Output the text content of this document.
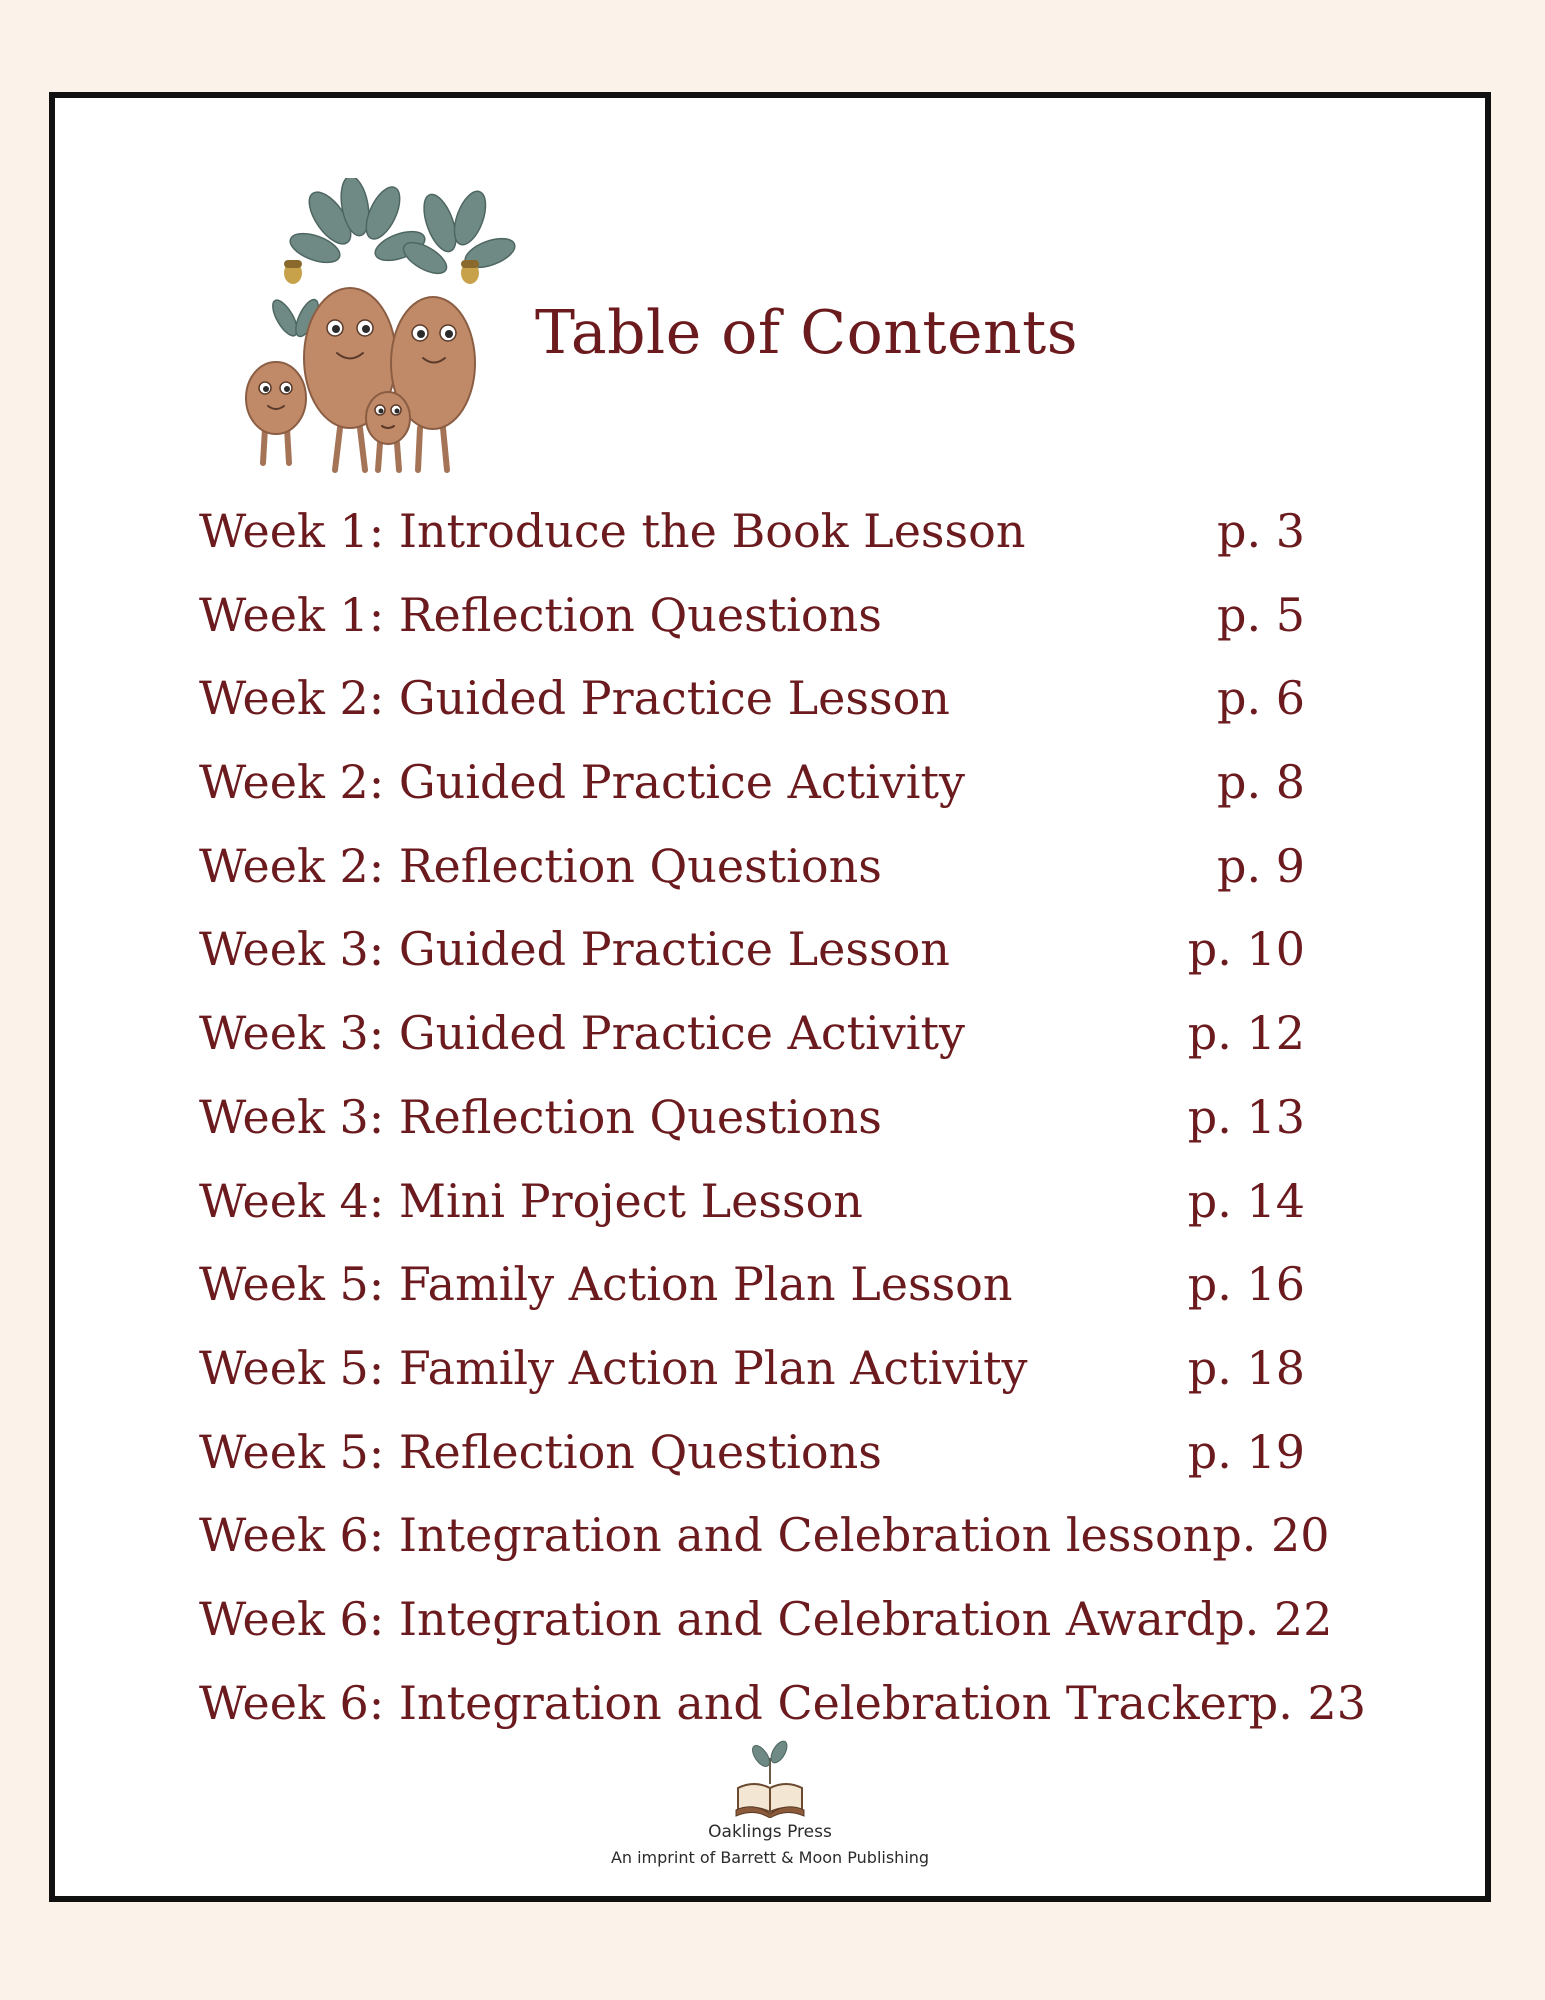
Table of Contents
Week 1: Introduce the Book Lesson	p. 3
Week 1: Reflection Questions	p. 5
Week 2: Guided Practice Lesson	p. 6
Week 2: Guided Practice Activity	p. 8
Week 2: Reflection Questions	p. 9
Week 3: Guided Practice Lesson	p. 10
Week 3: Guided Practice Activity	p. 12
Week 3: Reflection Questions	p. 13
Week 4: Mini Project Lesson	p. 14
Week 5: Family Action Plan Lesson	p. 16
Week 5: Family Action Plan Activity	p. 18
Week 5: Reflection Questions	p. 19
Week 6: Integration and Celebration lesson p. 20
Week 6: Integration and Celebration Award p. 22
Week 6: Integration and Celebration Tracker p. 23
Oaklings Press
An imprint of Barrett & Moon Publishing
